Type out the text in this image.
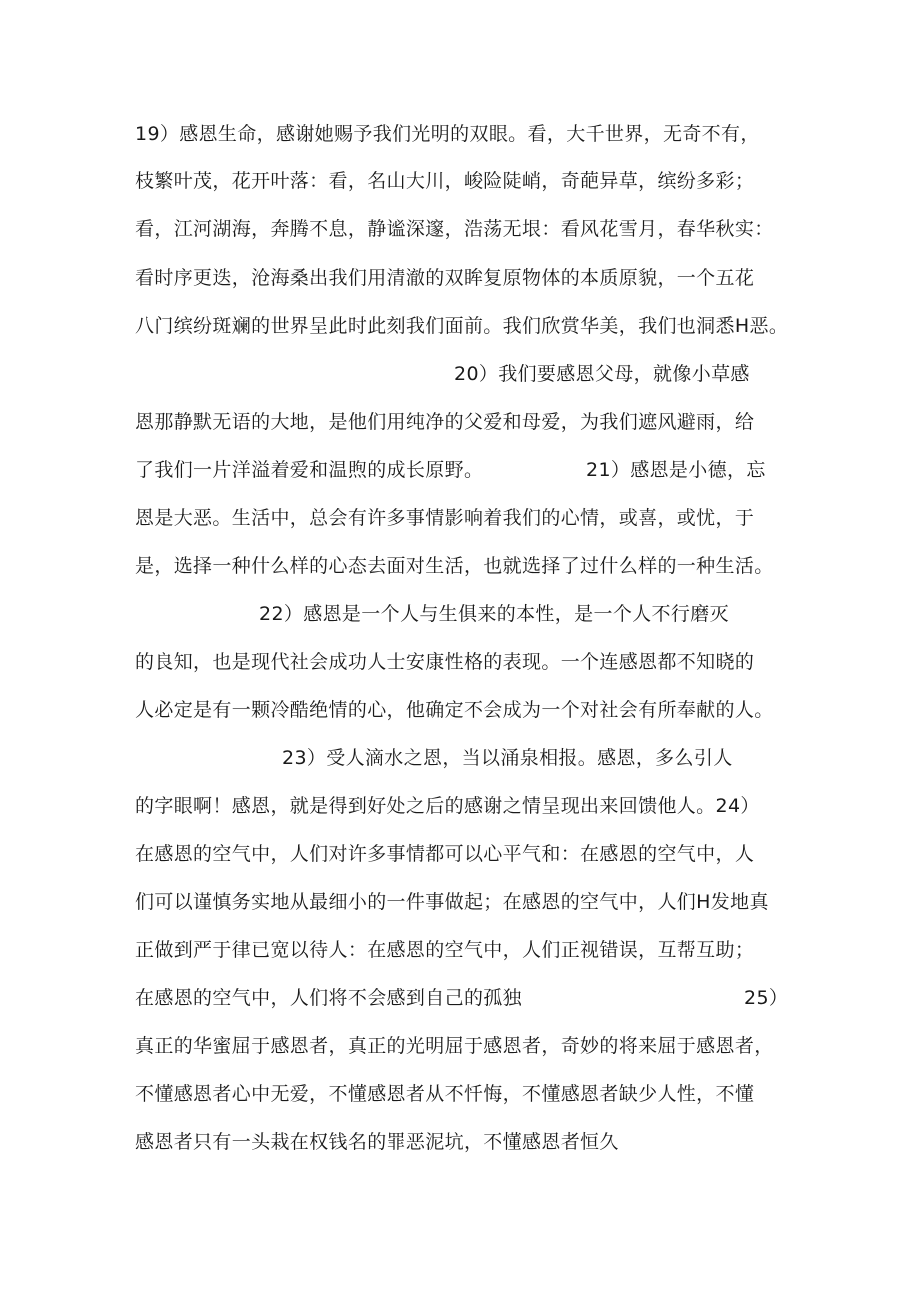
19）感恩生命，感谢她赐予我们光明的双眼。看，大千世界，无奇不有，
枝繁叶茂，花开叶落：看，名山大川，峻险陡峭，奇葩异草，缤纷多彩；
看，江河湖海，奔腾不息，静谧深邃，浩荡无垠：看风花雪月，春华秋实：
看时序更迭，沧海桑出我们用清澈的双眸复原物体的本质原貌，一个五花
八门缤纷斑斓的世界呈此时此刻我们面前。我们欣赏华美，我们也洞悉H恶。
20）我们要感恩父母，就像小草感
恩那静默无语的大地，是他们用纯净的父爱和母爱，为我们遮风避雨，给
了我们一片洋溢着爱和温煦的成长原野。	21）感恩是小德，忘
恩是大恶。生活中，总会有许多事情影响着我们的心情，或喜，或忧，于
是，选择一种什么样的心态去面对生活，也就选择了过什么样的一种生活。
22）感恩是一个人与生俱来的本性，是一个人不行磨灭
的良知，也是现代社会成功人士安康性格的表现。一个连感恩都不知晓的
人必定是有一颗冷酷绝情的心，他确定不会成为一个对社会有所奉献的人。
23）受人滴水之恩，当以涌泉相报。感恩，多么引人
的字眼啊！感恩，就是得到好处之后的感谢之情呈现出来回馈他人。24）
在感恩的空气中，人们对许多事情都可以心平气和：在感恩的空气中，人
们可以谨慎务实地从最细小的一件事做起；在感恩的空气中，人们H发地真
正做到严于律已宽以待人：在感恩的空气中，人们正视错误，互帮互助；
在感恩的空气中，人们将不会感到自己的孤独	25）
真正的华蜜屈于感恩者，真正的光明屈于感恩者，奇妙的将来屈于感恩者，
不懂感恩者心中无爱，不懂感恩者从不忏悔，不懂感恩者缺少人性，不懂
感恩者只有一头栽在权钱名的罪恶泥坑，不懂感恩者恒久
